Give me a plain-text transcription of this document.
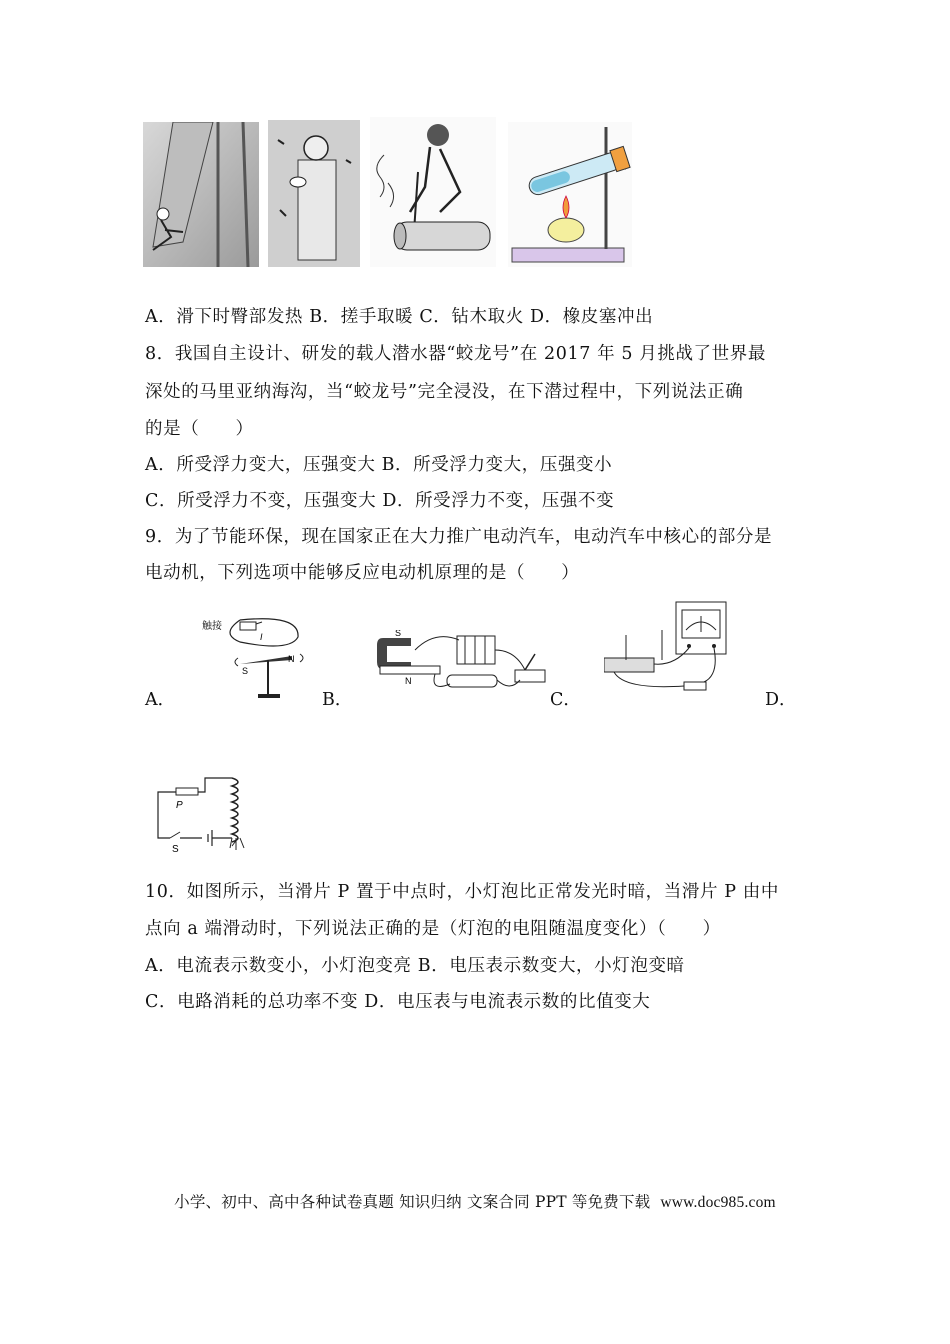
A．滑下时臀部发热 B．搓手取暖 C．钻木取火 D．橡皮塞冲出
8．我国自主设计、研发的载人潜水器“蛟龙号”在 2017 年 5 月挑战了世界最
深处的马里亚纳海沟，当“蛟龙号”完全浸没，在下潜过程中，下列说法正确
的是（　　）
A．所受浮力变大，压强变大 B．所受浮力变大，压强变小
C．所受浮力不变，压强变大 D．所受浮力不变，压强不变
9．为了节能环保，现在国家正在大力推广电动汽车，电动汽车中核心的部分是
电动机，下列选项中能够反应电动机原理的是（　　）
触接
I
S
N
A．
S
N
B．	C．	D．
P
S
10．如图所示，当滑片 P 置于中点时，小灯泡比正常发光时暗，当滑片 P 由中
点向 a 端滑动时，下列说法正确的是（灯泡的电阻随温度变化）（　　）
A．电流表示数变小，小灯泡变亮 B．电压表示数变大，小灯泡变暗
C．电路消耗的总功率不变 D．电压表与电流表示数的比值变大
小学、初中、高中各种试卷真题 知识归纳 文案合同 PPT 等免费下载 www.doc985.com
